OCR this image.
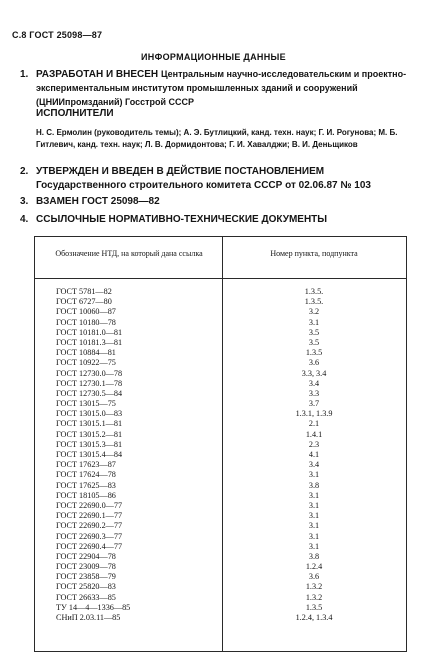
С.8 ГОСТ 25098—87
ИНФОРМАЦИОННЫЕ ДАННЫЕ
1. РАЗРАБОТАН И ВНЕСЕН Центральным научно-исследовательским и проектно-экспериментальным институтом промышленных зданий и сооружений (ЦНИИпромзданий) Госстрой СССР
ИСПОЛНИТЕЛИ
Н. С. Ермолин (руководитель темы); А. Э. Бутлицкий, канд. техн. наук; Г. И. Рогунова; М. Б. Гитлевич, канд. техн. наук; Л. В. Дормидонтова; Г. И. Хавалджи; В. И. Деньщиков
2. УТВЕРЖДЕН И ВВЕДЕН В ДЕЙСТВИЕ ПОСТАНОВЛЕНИЕМ Государственного строительного комитета СССР от 02.06.87 № 103
3. ВЗАМЕН ГОСТ 25098—82
4. ССЫЛОЧНЫЕ НОРМАТИВНО-ТЕХНИЧЕСКИЕ ДОКУМЕНТЫ
Обозначение НТД, на который дана ссылка	Номер пункта, подпункта
ГОСТ 5781—82	1.3.5.
ГОСТ 6727—80	1.3.5.
ГОСТ 10060—87	3.2
ГОСТ 10180—78	3.1
ГОСТ 10181.0—81	3.5
ГОСТ 10181.3—81	3.5
ГОСТ 10884—81	1.3.5
ГОСТ 10922—75	3.6
ГОСТ 12730.0—78	3.3, 3.4
ГОСТ 12730.1—78	3.4
ГОСТ 12730.5—84	3.3
ГОСТ 13015—75	3.7
ГОСТ 13015.0—83	1.3.1, 1.3.9
ГОСТ 13015.1—81	2.1
ГОСТ 13015.2—81	1.4.1
ГОСТ 13015.3—81	2.3
ГОСТ 13015.4—84	4.1
ГОСТ 17623—87	3.4
ГОСТ 17624—78	3.1
ГОСТ 17625—83	3.8
ГОСТ 18105—86	3.1
ГОСТ 22690.0—77	3.1
ГОСТ 22690.1—77	3.1
ГОСТ 22690.2—77	3.1
ГОСТ 22690.3—77	3.1
ГОСТ 22690.4—77	3.1
ГОСТ 22904—78	3.8
ГОСТ 23009—78	1.2.4
ГОСТ 23858—79	3.6
ГОСТ 25820—83	1.3.2
ГОСТ 26633—85	1.3.2
ТУ 14—4—1336—85	1.3.5
СНиП 2.03.11—85	1.2.4, 1.3.4
